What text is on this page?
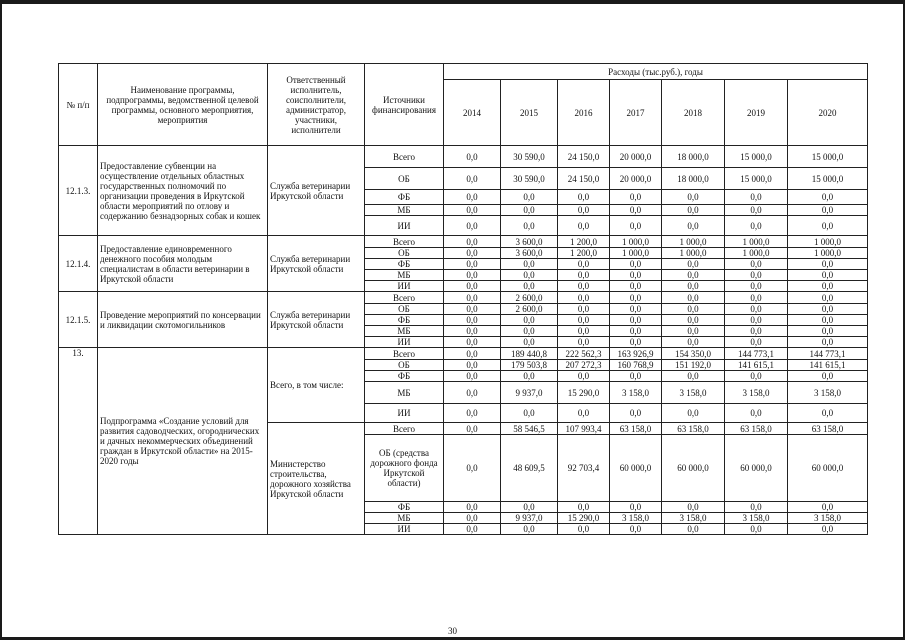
№ п/п	Наименование программы, подпрограммы, ведомственной целевой программы, основного мероприятия, мероприятия	Ответственный исполнитель, соисполнители, администратор, участники, исполнители	Источники финансирования	Расходы (тыс.руб.), годы						
				2014	2015	2016	2017	2018	2019	2020
12.1.3.	Предоставление субвенции на осуществление отдельных областных государственных полномочий по организации проведения в Иркутской области мероприятий по отлову и содержанию безнадзорных собак и кошек	Служба ветеринарии Иркутской области	Всего	0,0	30 590,0	24 150,0	20 000,0	18 000,0	15 000,0	15 000,0
			ОБ	0,0	30 590,0	24 150,0	20 000,0	18 000,0	15 000,0	15 000,0
			ФБ	0,0	0,0	0,0	0,0	0,0	0,0	0,0
			МБ	0,0	0,0	0,0	0,0	0,0	0,0	0,0
			ИИ	0,0	0,0	0,0	0,0	0,0	0,0	0,0
12.1.4.	Предоставление единовременного денежного пособия молодым специалистам в области ветеринарии в Иркутской области	Служба ветеринарии Иркутской области	Всего	0,0	3 600,0	1 200,0	1 000,0	1 000,0	1 000,0	1 000,0
			ОБ	0,0	3 600,0	1 200,0	1 000,0	1 000,0	1 000,0	1 000,0
			ФБ	0,0	0,0	0,0	0,0	0,0	0,0	0,0
			МБ	0,0	0,0	0,0	0,0	0,0	0,0	0,0
			ИИ	0,0	0,0	0,0	0,0	0,0	0,0	0,0
12.1.5.	Проведение мероприятий по консервации и ликвидации скотомогильников	Служба ветеринарии Иркутской области	Всего	0,0	2 600,0	0,0	0,0	0,0	0,0	0,0
			ОБ	0,0	2 600,0	0,0	0,0	0,0	0,0	0,0
			ФБ	0,0	0,0	0,0	0,0	0,0	0,0	0,0
			МБ	0,0	0,0	0,0	0,0	0,0	0,0	0,0
			ИИ	0,0	0,0	0,0	0,0	0,0	0,0	0,0
13.	Подпрограмма «Создание условий для развития садоводческих, огороднических и дачных некоммерческих объединений граждан в Иркутской области» на 2015-2020 годы	Всего, в том числе:	Всего	0,0	189 440,8	222 562,3	163 926,9	154 350,0	144 773,1	144 773,1
			ОБ	0,0	179 503,8	207 272,3	160 768,9	151 192,0	141 615,1	141 615,1
			ФБ	0,0	0,0	0,0	0,0	0,0	0,0	0,0
			МБ	0,0	9 937,0	15 290,0	3 158,0	3 158,0	3 158,0	3 158,0
			ИИ	0,0	0,0	0,0	0,0	0,0	0,0	0,0
		Министерство строительства, дорожного хозяйства Иркутской области	Всего	0,0	58 546,5	107 993,4	63 158,0	63 158,0	63 158,0	63 158,0
			ОБ (средства дорожного фонда Иркутской области)	0,0	48 609,5	92 703,4	60 000,0	60 000,0	60 000,0	60 000,0
			ФБ	0,0	0,0	0,0	0,0	0,0	0,0	0,0
			МБ	0,0	9 937,0	15 290,0	3 158,0	3 158,0	3 158,0	3 158,0
			ИИ	0,0	0,0	0,0	0,0	0,0	0,0	0,0
30
